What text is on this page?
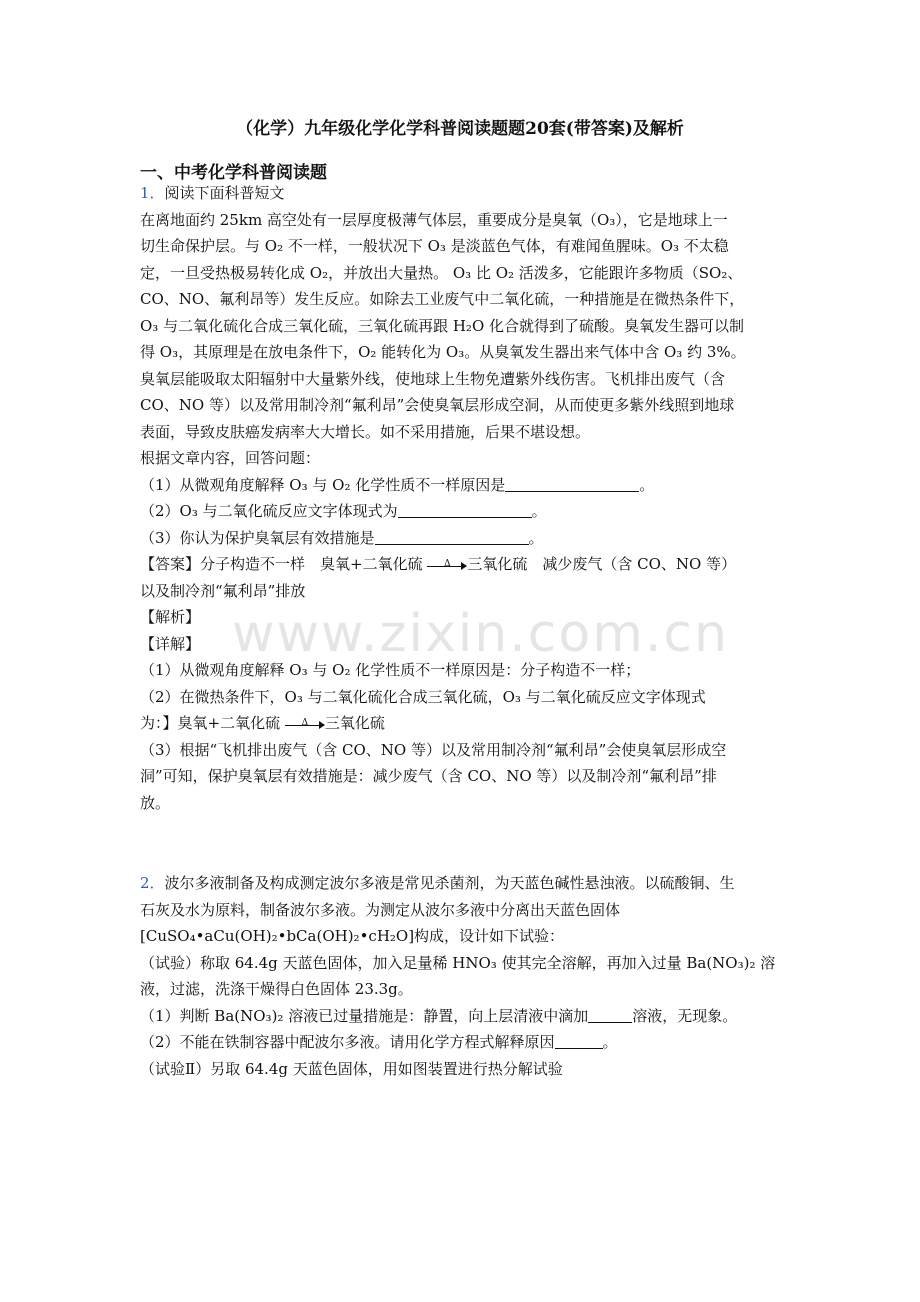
www.zixin.com.cn
（化学）九年级化学化学科普阅读题题20套(带答案)及解析
一、中考化学科普阅读题
1．阅读下面科普短文
在离地面约 25km 高空处有一层厚度极薄气体层，重要成分是臭氧（O₃），它是地球上一
切生命保护层。与 O₂ 不一样，一般状况下 O₃ 是淡蓝色气体，有难闻鱼腥味。O₃ 不太稳
定，一旦受热极易转化成 O₂，并放出大量热。 O₃ 比 O₂ 活泼多，它能跟许多物质（SO₂、
CO、NO、氟利昂等）发生反应。如除去工业废气中二氧化硫，一种措施是在微热条件下，
O₃ 与二氧化硫化合成三氧化硫，三氧化硫再跟 H₂O 化合就得到了硫酸。臭氧发生器可以制
得 O₃，其原理是在放电条件下，O₂ 能转化为 O₃。从臭氧发生器出来气体中含 O₃ 约 3%。
臭氧层能吸取太阳辐射中大量紫外线，使地球上生物免遭紫外线伤害。飞机排出废气（含
CO、NO 等）以及常用制冷剂“氟利昂”会使臭氧层形成空洞，从而使更多紫外线照到地球
表面，导致皮肤癌发病率大大增长。如不采用措施，后果不堪设想。
根据文章内容，回答问题：
（1）从微观角度解释 O₃ 与 O₂ 化学性质不一样原因是	。
（2）O₃ 与二氧化硫反应文字体现式为	。
（3）你认为保护臭氧层有效措施是	。
【答案】分子构造不一样　臭氧+二氧化硫	Δ	三氧化硫　减少废气（含 CO、NO 等）
以及制冷剂“氟利昂”排放
【解析】
【详解】
（1）从微观角度解释 O₃ 与 O₂ 化学性质不一样原因是：分子构造不一样；
（2）在微热条件下，O₃ 与二氧化硫化合成三氧化硫，O₃ 与二氧化硫反应文字体现式
为：】臭氧+二氧化硫	Δ	三氧化硫
（3）根据“飞机排出废气（含 CO、NO 等）以及常用制冷剂“氟利昂”会使臭氧层形成空
洞”可知，保护臭氧层有效措施是：减少废气（含 CO、NO 等）以及制冷剂“氟利昂”排
放。
2．波尔多液制备及构成测定波尔多液是常见杀菌剂，为天蓝色碱性悬浊液。以硫酸铜、生
石灰及水为原料，制备波尔多液。为测定从波尔多液中分离出天蓝色固体
[CuSO₄•aCu(OH)₂•bCa(OH)₂•cH₂O]构成，设计如下试验：
（试验）称取 64.4g 天蓝色固体，加入足量稀 HNO₃ 使其完全溶解，再加入过量 Ba(NO₃)₂ 溶
液，过滤，洗涤干燥得白色固体 23.3g。
（1）判断 Ba(NO₃)₂ 溶液已过量措施是：静置，向上层清液中滴加	溶液，无现象。
（2）不能在铁制容器中配波尔多液。请用化学方程式解释原因	。
（试验Ⅱ）另取 64.4g 天蓝色固体，用如图装置进行热分解试验
